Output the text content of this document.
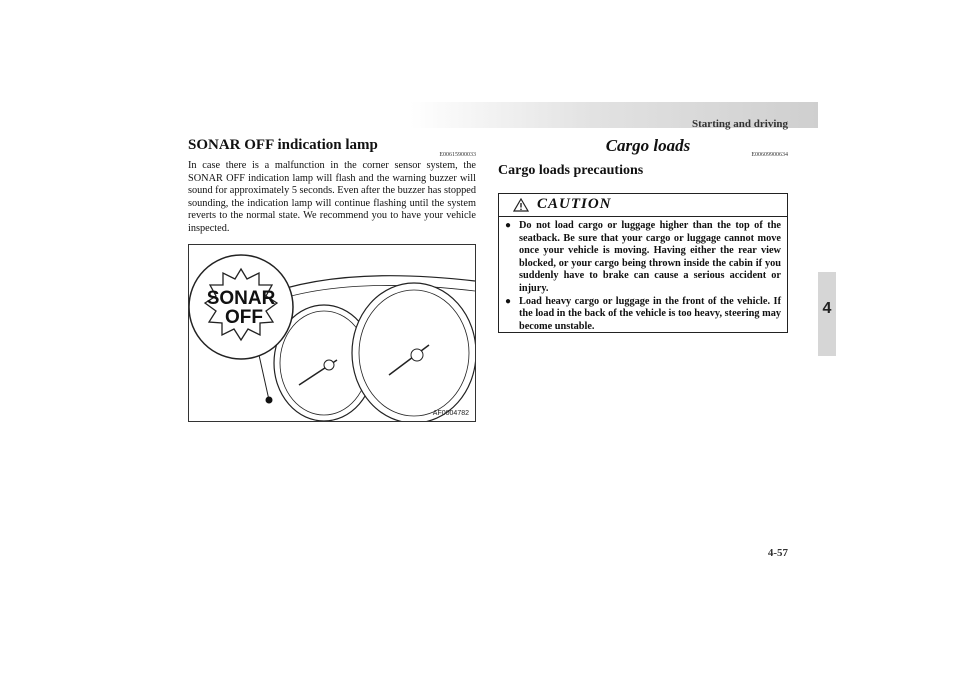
Starting and driving
4
SONAR OFF indication lamp
E00615900033

In case there is a malfunction in the corner sensor system, the SONAR OFF indication lamp will flash and the warning buzzer will sound for approximately 5 seconds. Even after the buzzer has stopped sounding, the indication lamp will continue flashing until the system reverts to the normal state. We recommend you to have your vehicle inspected.

SONAR
OFF
AF0004782
Cargo loads	E00609900634
Cargo loads precautions
CAUTION
● Do not load cargo or luggage higher than the top of the seatback. Be sure that your cargo or luggage cannot move once your vehicle is moving. Having either the rear view blocked, or your cargo being thrown inside the cabin if you suddenly have to brake can cause a serious accident or injury.
● Load heavy cargo or luggage in the front of the vehicle. If the load in the back of the vehicle is too heavy, steering may become unstable.
4-57
